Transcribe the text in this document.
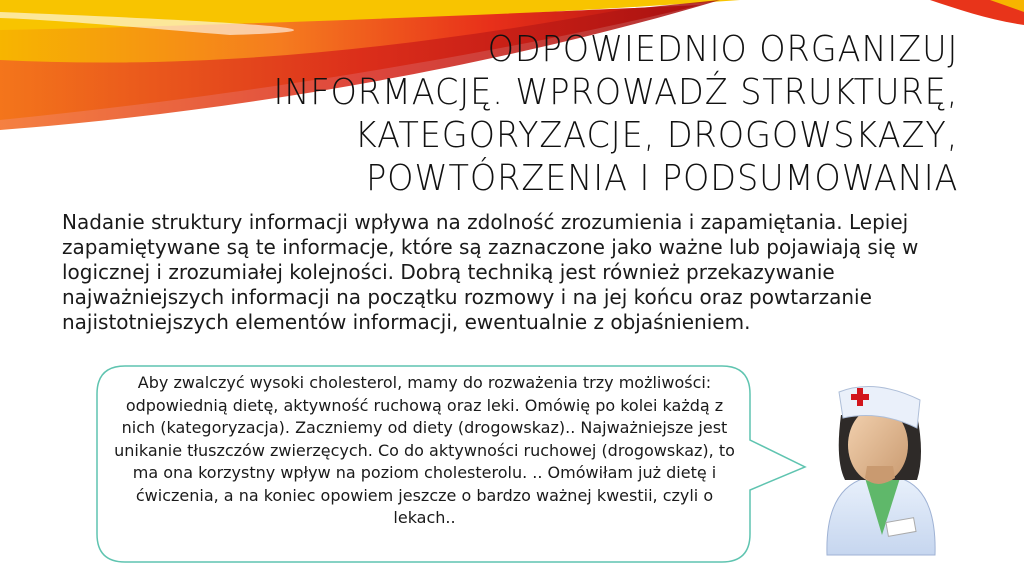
ODPOWIEDNIO ORGANIZUJ
INFORMACJĘ. WPROWADŹ STRUKTURĘ,
KATEGORYZACJE, DROGOWSKAZY,
POWTÓRZENIA I PODSUMOWANIA
Nadanie struktury informacji wpływa na zdolność zrozumienia i zapamiętania. Lepiej zapamiętywane są te informacje, które są zaznaczone jako ważne lub pojawiają się w logicznej i zrozumiałej kolejności. Dobrą techniką jest również przekazywanie najważniejszych informacji na początku rozmowy i na jej końcu oraz powtarzanie najistotniejszych elementów informacji, ewentualnie z objaśnieniem.
Aby zwalczyć wysoki cholesterol, mamy do rozważenia trzy możliwości: odpowiednią dietę, aktywność ruchową oraz leki. Omówię po kolei każdą z nich (kategoryzacja). Zaczniemy od diety (drogowskaz).. Najważniejsze jest unikanie tłuszczów zwierzęcych. Co do aktywności ruchowej (drogowskaz), to ma ona korzystny wpływ na poziom cholesterolu. .. Omówiłam już dietę i ćwiczenia, a na koniec opowiem jeszcze o bardzo ważnej kwestii, czyli o lekach..
